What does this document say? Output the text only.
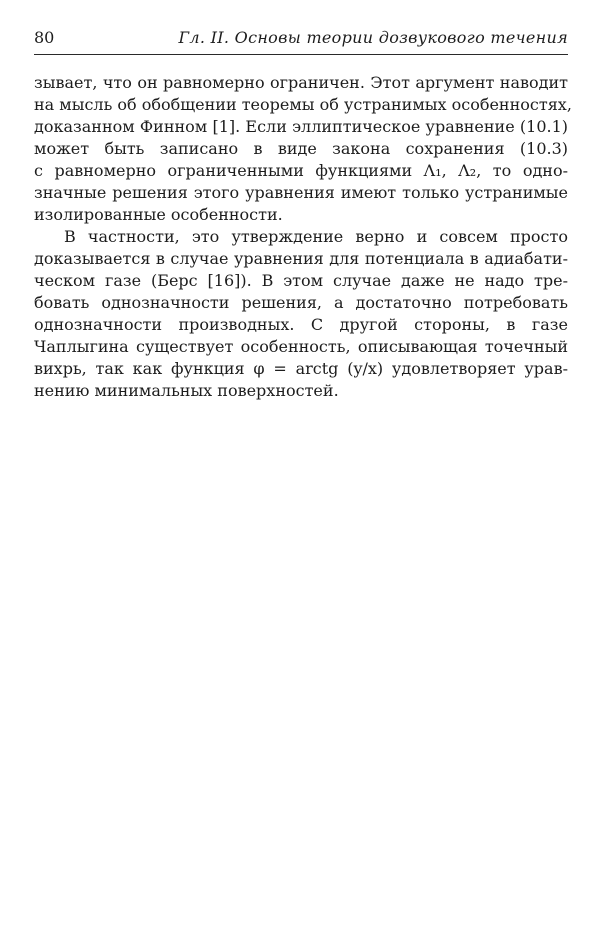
80	Гл. II. Основы теории дозвукового течения
зывает, что он равномерно ограничен. Этот аргумент наводит
на мысль об обобщении теоремы об устранимых особенностях,
доказанном Финном [1]. Если эллиптическое уравнение (10.1)
может быть записано в виде закона сохранения (10.3)
с равномерно ограниченными функциями Λ₁, Λ₂, то одно-
значные решения этого уравнения имеют только устранимые
изолированные особенности.
В частности, это утверждение верно и совсем просто
доказывается в случае уравнения для потенциала в адиабати-
ческом газе (Берс [16]). В этом случае даже не надо тре-
бовать однозначности решения, а достаточно потребовать
однозначности производных. С другой стороны, в газе
Чаплыгина существует особенность, описывающая точечный
вихрь, так как функция φ = arctg (y/x) удовлетворяет урав-
нению минимальных поверхностей.
